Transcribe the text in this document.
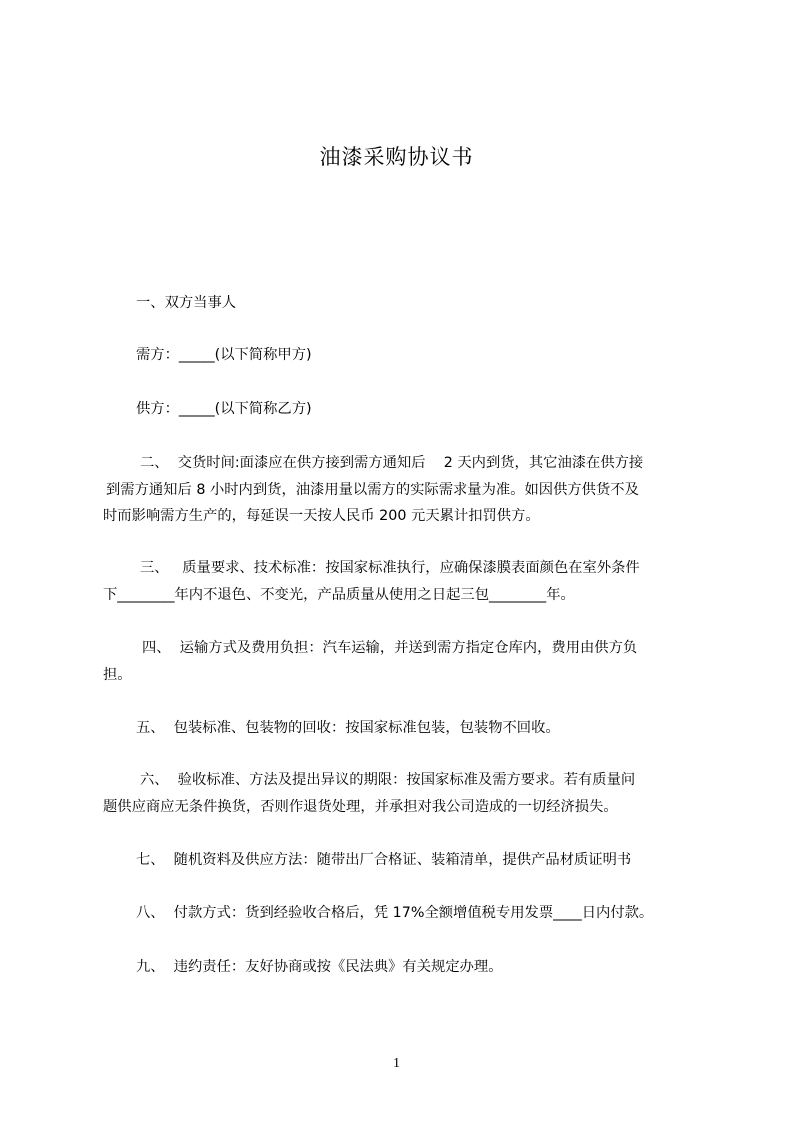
油漆采购协议书
一、双方当事人
需方：_____(以下简称甲方)
供方：_____(以下简称乙方)
二、  交货时间:面漆应在供方接到需方通知后    2 天内到货，其它油漆在供方接
到需方通知后 8 小时内到货，油漆用量以需方的实际需求量为准。如因供方供货不及
时而影响需方生产的，每延误一天按人民币 200 元天累计扣罚供方。
三、   质量要求、技术标准：按国家标准执行，应确保漆膜表面颜色在室外条件
下________年内不退色、不变光，产品质量从使用之日起三包________年。
四、  运输方式及费用负担：汽车运输，并送到需方指定仓库内，费用由供方负
担。
五、  包装标准、包装物的回收：按国家标准包装，包装物不回收。
六、  验收标准、方法及提出异议的期限：按国家标准及需方要求。若有质量问
题供应商应无条件换货，否则作退货处理，并承担对我公司造成的一切经济损失。
七、  随机资料及供应方法：随带出厂合格证、装箱清单，提供产品材质证明书
八、  付款方式：货到经验收合格后，凭 17%全额增值税专用发票____日内付款。
九、  违约责任：友好协商或按《民法典》有关规定办理。
1
